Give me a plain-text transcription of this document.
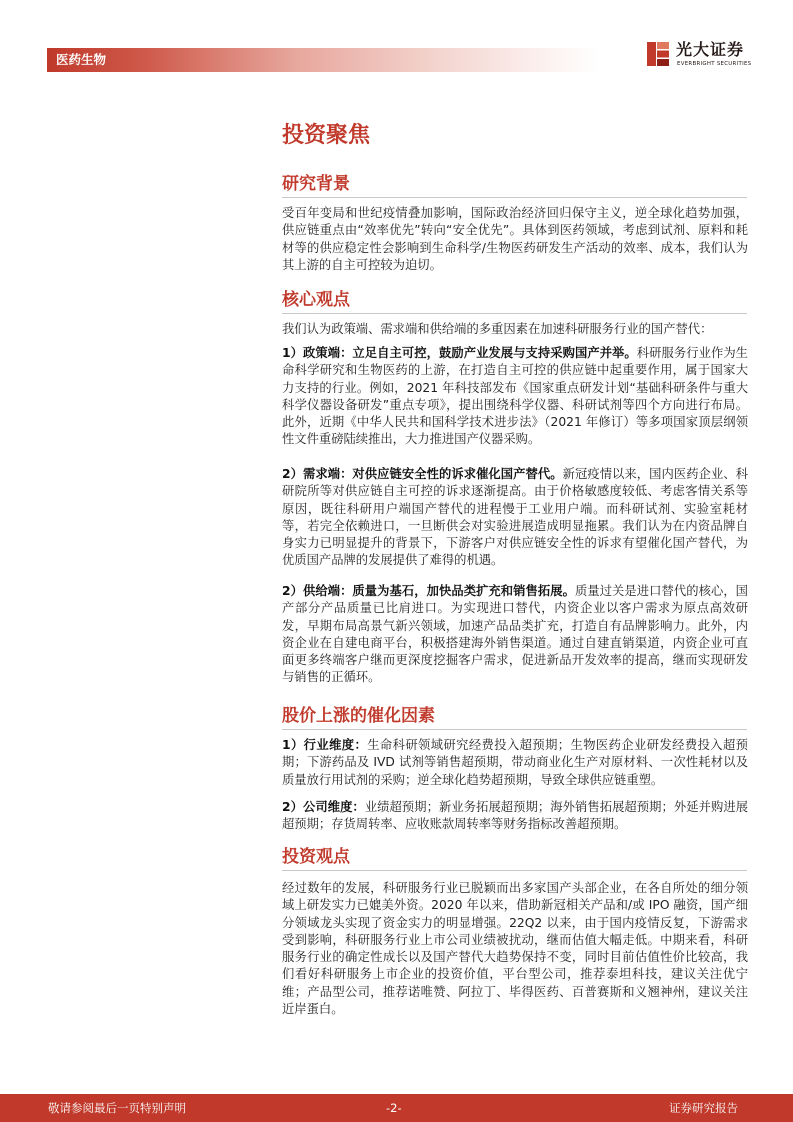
医药生物
光大证券
EVERBRIGHT SECURITIES
投资聚焦
研究背景

受百年变局和世纪疫情叠加影响，国际政治经济回归保守主义，逆全球化趋势加强，供应链重点由“效率优先”转向“安全优先”。具体到医药领域，考虑到试剂、原料和耗材等的供应稳定性会影响到生命科学/生物医药研发生产活动的效率、成本，我们认为其上游的自主可控较为迫切。

核心观点

我们认为政策端、需求端和供给端的多重因素在加速科研服务行业的国产替代：

1）政策端：立足自主可控，鼓励产业发展与支持采购国产并举。科研服务行业作为生命科学研究和生物医药的上游，在打造自主可控的供应链中起重要作用，属于国家大力支持的行业。例如，2021 年科技部发布《国家重点研发计划“基础科研条件与重大科学仪器设备研发”重点专项》，提出围绕科学仪器、科研试剂等四个方向进行布局。此外，近期《中华人民共和国科学技术进步法》（2021 年修订）等多项国家顶层纲领性文件重磅陆续推出，大力推进国产仪器采购。

2）需求端：对供应链安全性的诉求催化国产替代。新冠疫情以来，国内医药企业、科研院所等对供应链自主可控的诉求逐渐提高。由于价格敏感度较低、考虑客情关系等原因，既往科研用户端国产替代的进程慢于工业用户端。而科研试剂、实验室耗材等，若完全依赖进口，一旦断供会对实验进展造成明显拖累。我们认为在内资品牌自身实力已明显提升的背景下，下游客户对供应链安全性的诉求有望催化国产替代，为优质国产品牌的发展提供了难得的机遇。

2）供给端：质量为基石，加快品类扩充和销售拓展。质量过关是进口替代的核心，国产部分产品质量已比肩进口。为实现进口替代，内资企业以客户需求为原点高效研发，早期布局高景气新兴领域，加速产品品类扩充，打造自有品牌影响力。此外，内资企业在自建电商平台，积极搭建海外销售渠道。通过自建直销渠道，内资企业可直面更多终端客户继而更深度挖掘客户需求，促进新品开发效率的提高，继而实现研发与销售的正循环。

股价上涨的催化因素

1）行业维度：生命科研领域研究经费投入超预期；生物医药企业研发经费投入超预期；下游药品及 IVD 试剂等销售超预期，带动商业化生产对原材料、一次性耗材以及质量放行用试剂的采购；逆全球化趋势超预期，导致全球供应链重塑。

2）公司维度：业绩超预期；新业务拓展超预期；海外销售拓展超预期；外延并购进展超预期；存货周转率、应收账款周转率等财务指标改善超预期。

投资观点

经过数年的发展，科研服务行业已脱颖而出多家国产头部企业，在各自所处的细分领域上研发实力已媲美外资。2020 年以来，借助新冠相关产品和/或 IPO 融资，国产细分领域龙头实现了资金实力的明显增强。22Q2 以来，由于国内疫情反复，下游需求受到影响，科研服务行业上市公司业绩被扰动，继而估值大幅走低。中期来看，科研服务行业的确定性成长以及国产替代大趋势保持不变，同时目前估值性价比较高，我们看好科研服务上市企业的投资价值，平台型公司，推荐泰坦科技，建议关注优宁维；产品型公司，推荐诺唯赞、阿拉丁、毕得医药、百普赛斯和义翘神州，建议关注近岸蛋白。

敬请参阅最后一页特别声明	-2-	证券研究报告
